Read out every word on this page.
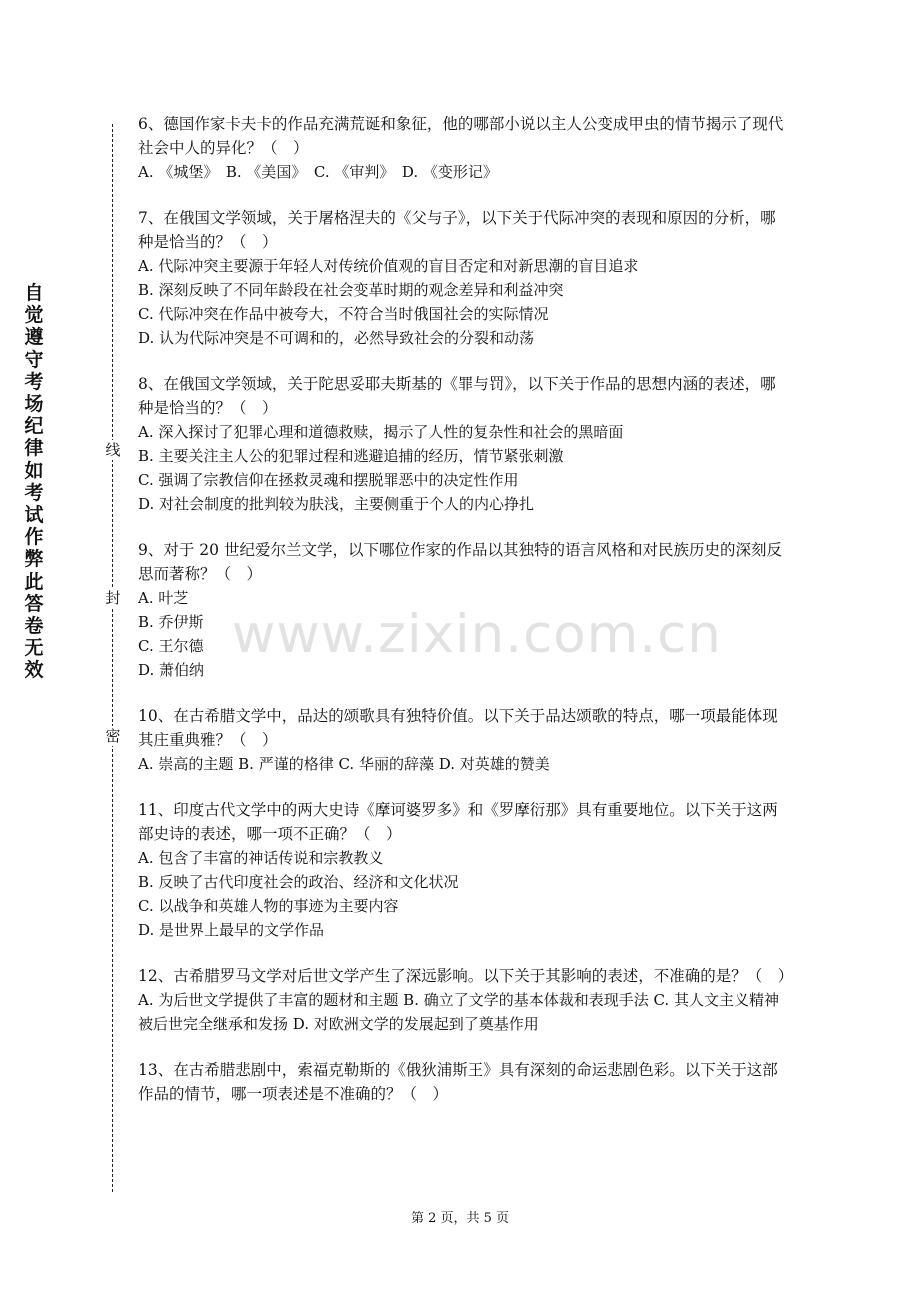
自觉遵守考场纪律如考试作弊此答卷无效
线
封
密
www.zixin.com.cn

6、德国作家卡夫卡的作品充满荒诞和象征，他的哪部小说以主人公变成甲虫的情节揭示了现代社会中人的异化？（　）

A. 《城堡》　B. 《美国》　C. 《审判》　D. 《变形记》

7、在俄国文学领域，关于屠格涅夫的《父与子》，以下关于代际冲突的表现和原因的分析，哪种是恰当的？（　）

A. 代际冲突主要源于年轻人对传统价值观的盲目否定和对新思潮的盲目追求

B. 深刻反映了不同年龄段在社会变革时期的观念差异和利益冲突

C. 代际冲突在作品中被夸大，不符合当时俄国社会的实际情况

D. 认为代际冲突是不可调和的，必然导致社会的分裂和动荡

8、在俄国文学领域，关于陀思妥耶夫斯基的《罪与罚》，以下关于作品的思想内涵的表述，哪种是恰当的？（　）

A. 深入探讨了犯罪心理和道德救赎，揭示了人性的复杂性和社会的黑暗面

B. 主要关注主人公的犯罪过程和逃避追捕的经历，情节紧张刺激

C. 强调了宗教信仰在拯救灵魂和摆脱罪恶中的决定性作用

D. 对社会制度的批判较为肤浅，主要侧重于个人的内心挣扎

9、对于 20 世纪爱尔兰文学，以下哪位作家的作品以其独特的语言风格和对民族历史的深刻反思而著称？（　）

A. 叶芝

B. 乔伊斯

C. 王尔德

D. 萧伯纳

10、在古希腊文学中，品达的颂歌具有独特价值。以下关于品达颂歌的特点，哪一项最能体现其庄重典雅？（　）

A. 崇高的主题 B. 严谨的格律 C. 华丽的辞藻 D. 对英雄的赞美

11、印度古代文学中的两大史诗《摩诃婆罗多》和《罗摩衍那》具有重要地位。以下关于这两部史诗的表述，哪一项不正确？（　）

A. 包含了丰富的神话传说和宗教教义

B. 反映了古代印度社会的政治、经济和文化状况

C. 以战争和英雄人物的事迹为主要内容

D. 是世界上最早的文学作品

12、古希腊罗马文学对后世文学产生了深远影响。以下关于其影响的表述，不准确的是？（　）

A. 为后世文学提供了丰富的题材和主题 B. 确立了文学的基本体裁和表现手法 C. 其人文主义精神被后世完全继承和发扬 D. 对欧洲文学的发展起到了奠基作用

13、在古希腊悲剧中，索福克勒斯的《俄狄浦斯王》具有深刻的命运悲剧色彩。以下关于这部作品的情节，哪一项表述是不准确的？（　）

第 2 页，共 5 页
